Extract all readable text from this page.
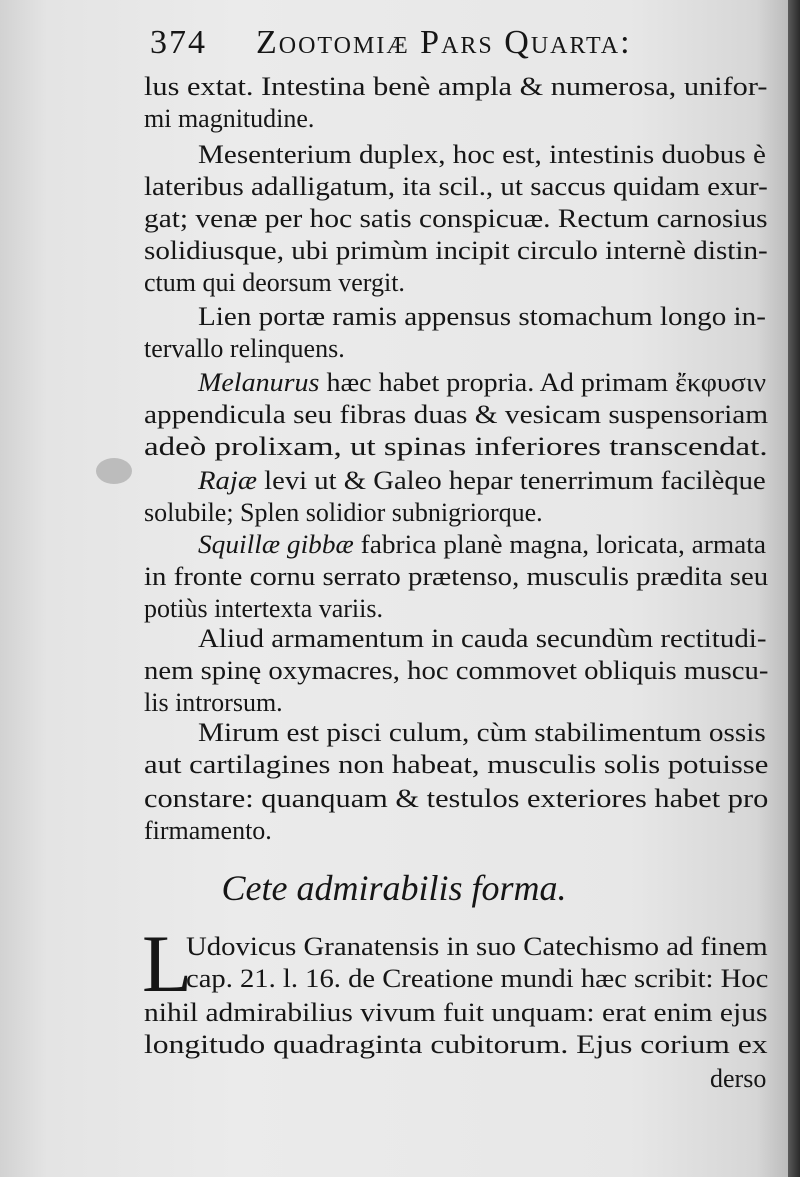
374 Zootomiæ Pars Quarta:

lus extat. Intestina benè ampla & numerosa, unifor-

mi magnitudine.

Mesenterium duplex, hoc est, intestinis duobus è

lateribus adalligatum, ita scil., ut saccus quidam exur-

gat; venæ per hoc satis conspicuæ. Rectum carnosius

solidiusque, ubi primùm incipit circulo internè distin-

ctum qui deorsum vergit.

Lien portæ ramis appensus stomachum longo in-

tervallo relinquens.

Melanurus hæc habet propria. Ad primam ἔκφυσιν

appendicula seu fibras duas & vesicam suspensoriam

adeò prolixam, ut spinas inferiores transcendat.

Rajæ levi ut & Galeo hepar tenerrimum facilèque

solubile; Splen solidior subnigriorque.

Squillæ gibbæ fabrica planè magna, loricata, armata

in fronte cornu serrato prætenso, musculis prædita seu

potiùs intertexta variis.

Aliud armamentum in cauda secundùm rectitudi-

nem spinę oxymacres, hoc commovet obliquis muscu-

lis introrsum.

Mirum est pisci culum, cùm stabilimentum ossis

aut cartilagines non habeat, musculis solis potuisse

constare: quanquam & testulos exteriores habet pro

firmamento.

Udovicus Granatensis in suo Catechismo ad finem

cap. 21. l. 16. de Creatione mundi hæc scribit: Hoc

nihil admirabilius vivum fuit unquam: erat enim ejus

longitudo quadraginta cubitorum. Ejus corium ex

derso

Cete admirabilis forma.
L
